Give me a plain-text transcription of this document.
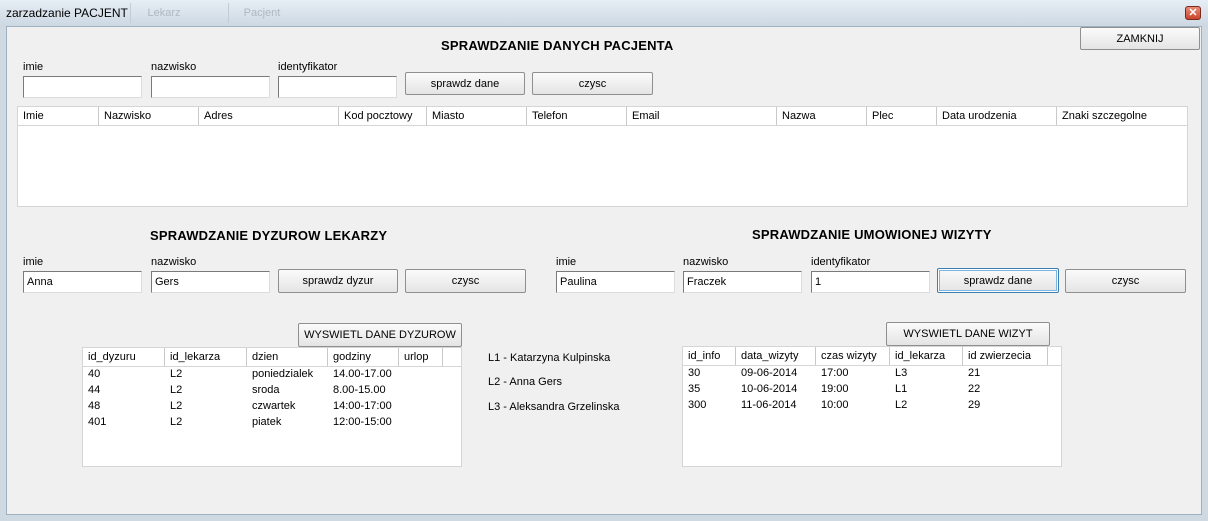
zarzadzanie PACJENT	Lekarz	Pacjent	✕
SPRAWDZANIE DANYCH PACJENTA	ZAMKNIJ
imie	nazwisko	identyfikator
sprawdz dane	czysc
Imie	Nazwisko	Adres	Kod pocztowy	Miasto	Telefon	Email	Nazwa	Plec	Data urodzenia	Znaki szczegolne
SPRAWDZANIE DYZUROW LEKARZY
imie	nazwisko
Anna
Gers
sprawdz dyzur	czysc
WYSWIETL DANE DYZUROW
id_dyzuru	id_lekarza	dzien	godziny	urlop
40	L2	poniedzialek	14.00-17.00
44	L2	sroda	8.00-15.00
48	L2	czwartek	14:00-17:00
401	L2	piatek	12:00-15:00
L1 - Katarzyna Kulpinska
L2 - Anna Gers
L3 - Aleksandra Grzelinska
SPRAWDZANIE UMOWIONEJ WIZYTY
imie	nazwisko	identyfikator
Paulina
Fraczek
1
sprawdz dane	czysc
WYSWIETL DANE WIZYT
id_info	data_wizyty	czas wizyty	id_lekarza	id zwierzecia
30	09-06-2014	17:00	L3	21
35	10-06-2014	19:00	L1	22
300	11-06-2014	10:00	L2	29
